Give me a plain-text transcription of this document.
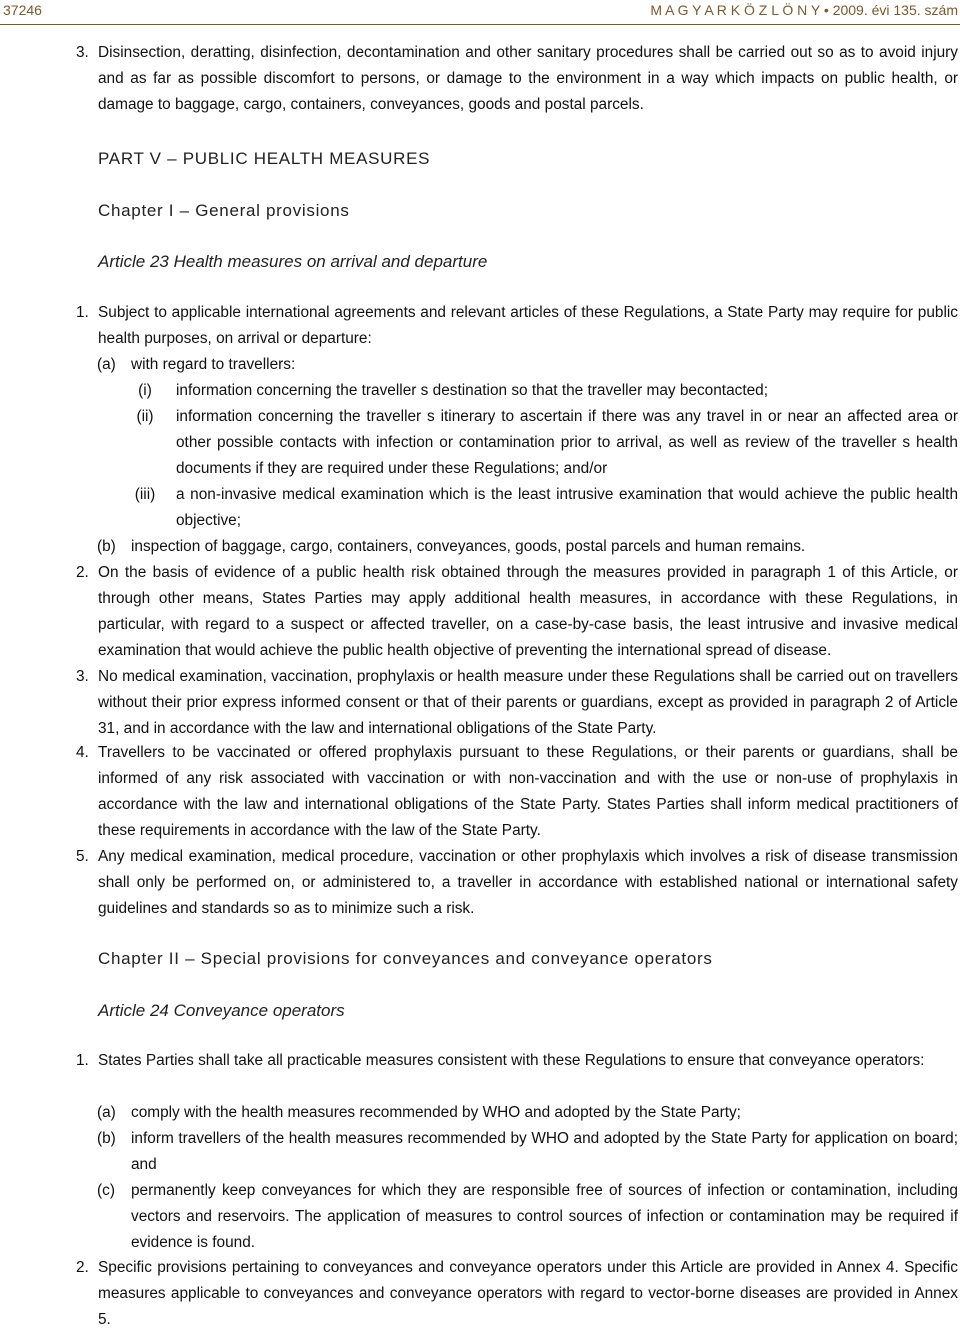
37246	M A G Y A R K Ö Z L Ö N Y • 2009. évi 135. szám
3. Disinsection, deratting, disinfection, decontamination and other sanitary procedures shall be carried out so as to avoid injury and as far as possible discomfort to persons, or damage to the environment in a way which impacts on public health, or damage to baggage, cargo, containers, conveyances, goods and postal parcels.
PART V – PUBLIC HEALTH MEASURES
Chapter I – General provisions
Article 23 Health measures on arrival and departure
1. Subject to applicable international agreements and relevant articles of these Regulations, a State Party may require for public health purposes, on arrival or departure:
(a) with regard to travellers:
(i)	information concerning the traveller s destination so that the traveller may becontacted;
(ii)	information concerning the traveller s itinerary to ascertain if there was any travel in or near an affected area or other possible contacts with infection or contamination prior to arrival, as well as review of the traveller s health documents if they are required under these Regulations; and/or
(iii)	a non-invasive medical examination which is the least intrusive examination that would achieve the public health objective;
(b) inspection of baggage, cargo, containers, conveyances, goods, postal parcels and human remains.
2. On the basis of evidence of a public health risk obtained through the measures provided in paragraph 1 of this Article, or through other means, States Parties may apply additional health measures, in accordance with these Regulations, in particular, with regard to a suspect or affected traveller, on a case-by-case basis, the least intrusive and invasive medical examination that would achieve the public health objective of preventing the international spread of disease.
3. No medical examination, vaccination, prophylaxis or health measure under these Regulations shall be carried out on travellers without their prior express informed consent or that of their parents or guardians, except as provided in paragraph 2 of Article 31, and in accordance with the law and international obligations of the State Party.
4. Travellers to be vaccinated or offered prophylaxis pursuant to these Regulations, or their parents or guardians, shall be informed of any risk associated with vaccination or with non-vaccination and with the use or non-use of prophylaxis in accordance with the law and international obligations of the State Party. States Parties shall inform medical practitioners of these requirements in accordance with the law of the State Party.
5. Any medical examination, medical procedure, vaccination or other prophylaxis which involves a risk of disease transmission shall only be performed on, or administered to, a traveller in accordance with established national or international safety guidelines and standards so as to minimize such a risk.
Chapter II – Special provisions for conveyances and conveyance operators
Article 24 Conveyance operators
1. States Parties shall take all practicable measures consistent with these Regulations to ensure that conveyance operators:
(a) comply with the health measures recommended by WHO and adopted by the State Party;
(b) inform travellers of the health measures recommended by WHO and adopted by the State Party for application on board; and
(c) permanently keep conveyances for which they are responsible free of sources of infection or contamination, including vectors and reservoirs. The application of measures to control sources of infection or contamination may be required if evidence is found.
2. Specific provisions pertaining to conveyances and conveyance operators under this Article are provided in Annex 4. Specific measures applicable to conveyances and conveyance operators with regard to vector-borne diseases are provided in Annex 5.
